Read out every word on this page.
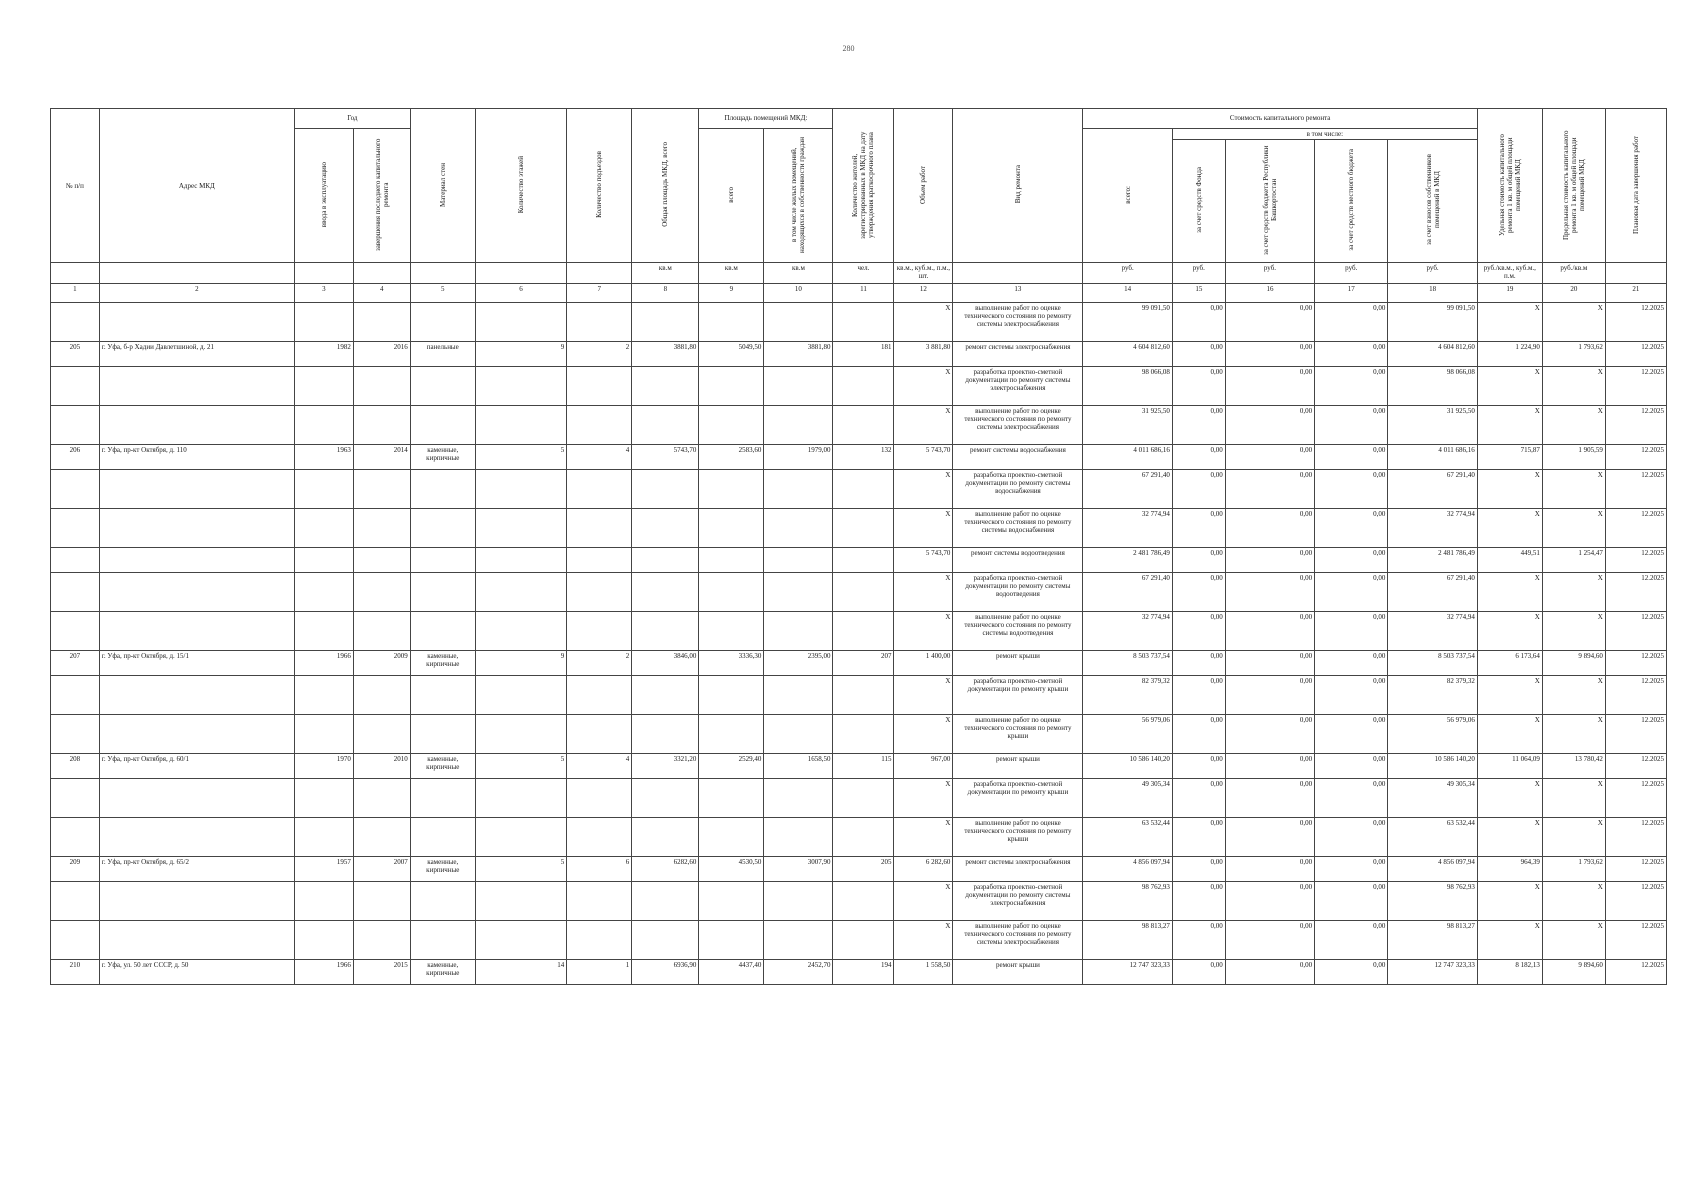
280
№ п/п	Адрес МКД	Год		Материал стен	Количество этажей	Количество подъездов	Общая площадь МКД, всего	Площадь помещений МКД:		Количество жителей, зарегистрированных в МКД на дату утверждения краткосрочного плана	Объем работ	Вид ремонта	Стоимость капитального ремонта					Удельная стоимость капитального ремонта 1 кв. м общей площади помещений МКД	Предельная стоимость капитального ремонта 1 кв. м общей площади помещений МКД	Плановая дата завершения работ
		ввода в эксплуатацию	завершения последнего капитального ремонта					всего	в том числе жилых помещений, находящихся в собственности граждан				всего:	в том числе:						
														за счет средств Фонда	за счет средств бюджета Республики Башкортостан	за счет средств местного бюджета	за счет взносов собственников помещений в МКД			
							кв.м	кв.м	кв.м	чел.	кв.м., куб.м., п.м., шт.		руб.	руб.	руб.	руб.	руб.	руб./кв.м., куб.м., п.м.	руб./кв.м	
1	2	3	4	5	6	7	8	9	10	11	12	13	14	15	16	17	18	19	20	21
											X	выполнение работ по оценке технического состояния по ремонту системы электроснабжения	99 091,50	0,00	0,00	0,00	99 091,50	X	X	12.2025
205	г. Уфа, б-р Хадии Давлетшиной, д. 21	1982	2016	панельные	9	2	3881,80	5049,50	3881,80	181	3 881,80	ремонт системы электроснабжения	4 604 812,60	0,00	0,00	0,00	4 604 812,60	1 224,90	1 793,62	12.2025
											X	разработка проектно-сметной документации по ремонту системы электроснабжения	98 066,08	0,00	0,00	0,00	98 066,08	X	X	12.2025
											X	выполнение работ по оценке технического состояния по ремонту системы электроснабжения	31 925,50	0,00	0,00	0,00	31 925,50	X	X	12.2025
206	г. Уфа, пр-кт Октября, д. 110	1963	2014	каменные, кирпичные	5	4	5743,70	2583,60	1979,00	132	5 743,70	ремонт системы водоснабжения	4 011 686,16	0,00	0,00	0,00	4 011 686,16	715,87	1 905,59	12.2025
											X	разработка проектно-сметной документации по ремонту системы водоснабжения	67 291,40	0,00	0,00	0,00	67 291,40	X	X	12.2025
											X	выполнение работ по оценке технического состояния по ремонту системы водоснабжения	32 774,94	0,00	0,00	0,00	32 774,94	X	X	12.2025
											5 743,70	ремонт системы водоотведения	2 481 786,49	0,00	0,00	0,00	2 481 786,49	449,51	1 254,47	12.2025
											X	разработка проектно-сметной документации по ремонту системы водоотведения	67 291,40	0,00	0,00	0,00	67 291,40	X	X	12.2025
											X	выполнение работ по оценке технического состояния по ремонту системы водоотведения	32 774,94	0,00	0,00	0,00	32 774,94	X	X	12.2025
207	г. Уфа, пр-кт Октября, д. 15/1	1966	2009	каменные, кирпичные	9	2	3846,00	3336,30	2395,00	207	1 400,00	ремонт крыши	8 503 737,54	0,00	0,00	0,00	8 503 737,54	6 173,64	9 894,60	12.2025
											X	разработка проектно-сметной документации по ремонту крыши	82 379,32	0,00	0,00	0,00	82 379,32	X	X	12.2025
											X	выполнение работ по оценке технического состояния по ремонту крыши	56 979,06	0,00	0,00	0,00	56 979,06	X	X	12.2025
208	г. Уфа, пр-кт Октября, д. 60/1	1970	2010	каменные, кирпичные	5	4	3321,20	2529,40	1658,50	115	967,00	ремонт крыши	10 586 140,20	0,00	0,00	0,00	10 586 140,20	11 064,09	13 780,42	12.2025
											X	разработка проектно-сметной документации по ремонту крыши	49 305,34	0,00	0,00	0,00	49 305,34	X	X	12.2025
											X	выполнение работ по оценке технического состояния по ремонту крыши	63 532,44	0,00	0,00	0,00	63 532,44	X	X	12.2025
209	г. Уфа, пр-кт Октября, д. 65/2	1957	2007	каменные, кирпичные	5	6	6282,60	4530,50	3007,90	205	6 282,60	ремонт системы электроснабжения	4 856 097,94	0,00	0,00	0,00	4 856 097,94	964,39	1 793,62	12.2025
											X	разработка проектно-сметной документации по ремонту системы электроснабжения	98 762,93	0,00	0,00	0,00	98 762,93	X	X	12.2025
											X	выполнение работ по оценке технического состояния по ремонту системы электроснабжения	98 813,27	0,00	0,00	0,00	98 813,27	X	X	12.2025
210	г. Уфа, ул. 50 лет СССР, д. 50	1966	2015	каменные, кирпичные	14	1	6936,90	4437,40	2452,70	194	1 558,50	ремонт крыши	12 747 323,33	0,00	0,00	0,00	12 747 323,33	8 182,13	9 894,60	12.2025
